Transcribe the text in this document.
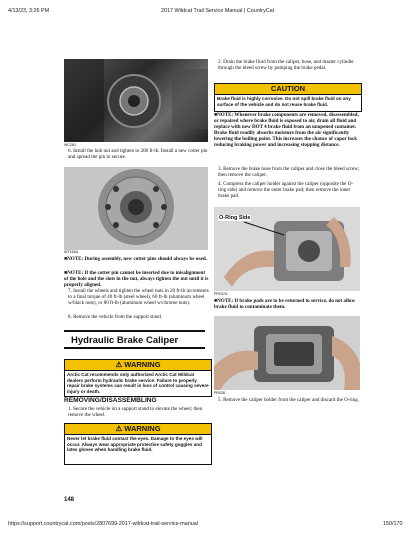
4/13/23, 3:26 PM	2017 Wildcat Trail Service Manual | CountryCat
WC281
6. Install the hub nut and tighten to 200 ft-lb. Install a new cotter pin and spread the pin to secure.
WT164A
■NOTE: During assembly, new cotter pins should always be used.
■NOTE: If the cotter pin cannot be inserted due to misalignment of the hole and the slots in the nut, always tighten the nut until it is properly aligned.
7. Install the wheels and tighten the wheel nuts in 20 ft-lb increments to a final torque of 40 ft-lb (steel wheel), 60 ft-lb (aluminum wheel w/black nuts), or 80 ft-lb (aluminum wheel w/chrome nuts).
8. Remove the vehicle from the support stand.
Hydraulic Brake Caliper
⚠ WARNING
Arctic Cat recommends only authorized Arctic Cat Wildcat dealers perform hydraulic brake service. Failure to properly repair brake systems can result in loss of control causing severe injury or death.
REMOVING/DISASSEMBLING
1. Secure the vehicle on a support stand to elevate the wheel; then remove the wheel.
⚠ WARNING
Never let brake fluid contact the eyes. Damage to the eyes will occur. Always wear appropriate protective safety goggles and latex gloves when handling brake fluid.
148
2. Drain the brake fluid from the caliper, hose, and master cylinder through the bleed screw by pumping the brake pedal.
CAUTION
Brake fluid is highly corrosive. Do not spill brake fluid on any surface of the vehicle and do not reuse brake fluid.
■NOTE: Whenever brake components are removed, disassembled, or repaired where brake fluid is exposed to air, drain all fluid and replace with new DOT 4 brake fluid from an unopened container. Brake fluid readily absorbs moisture from the air significantly lowering the boiling point. This increases the chance of vapor lock reducing braking power and increasing stopping distance.
3. Remove the brake hose from the caliper and close the bleed screw; then remove the caliper.
4. Compress the caliper holder against the caliper (opposite the O-ring side) and remove the outer brake pad; then remove the inner brake pad.
O-Ring Side
PR037A
■NOTE: If brake pads are to be returned to service, do not allow brake fluid to contaminate them.
PR038
5. Remove the caliper holder from the caliper and discard the O-ring.
https://support.countrycat.com/posts/2807699-2017-wildcat-trail-service-manual	150/170
